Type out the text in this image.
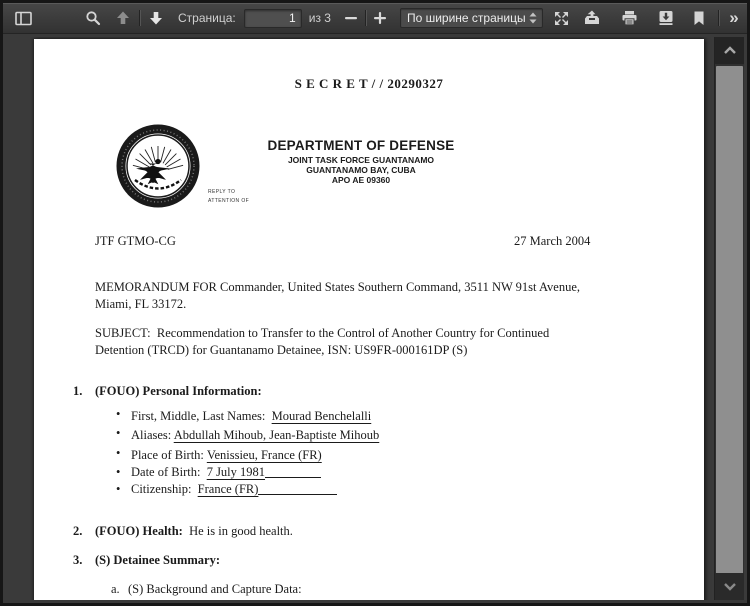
Страница:
1	из 3	По ширине страницы	»
S E C R E T / / 20290327
REPLY TO
ATTENTION OF
DEPARTMENT OF DEFENSE
JOINT TASK FORCE GUANTANAMO
GUANTANAMO BAY, CUBA
APO AE 09360
JTF GTMO-CG	27 March 2004
MEMORANDUM FOR Commander, United States Southern Command, 3511 NW 91st Avenue,
Miami, FL 33172.
SUBJECT:  Recommendation to Transfer to the Control of Another Country for Continued
Detention (TRCD) for Guantanamo Detainee, ISN: US9FR-000161DP (S)
1.	(FOUO) Personal Information:
• First, Middle, Last Names:  Mourad Benchelalli
• Aliases: Abdullah Mihoub, Jean-Baptiste Mihoub
• Place of Birth: Venissieu, France (FR)
• Date of Birth:  7 July 1981
• Citizenship:  France (FR)
2.	(FOUO) Health: He is in good health.
3.	(S) Detainee Summary:
a. (S) Background and Capture Data:
